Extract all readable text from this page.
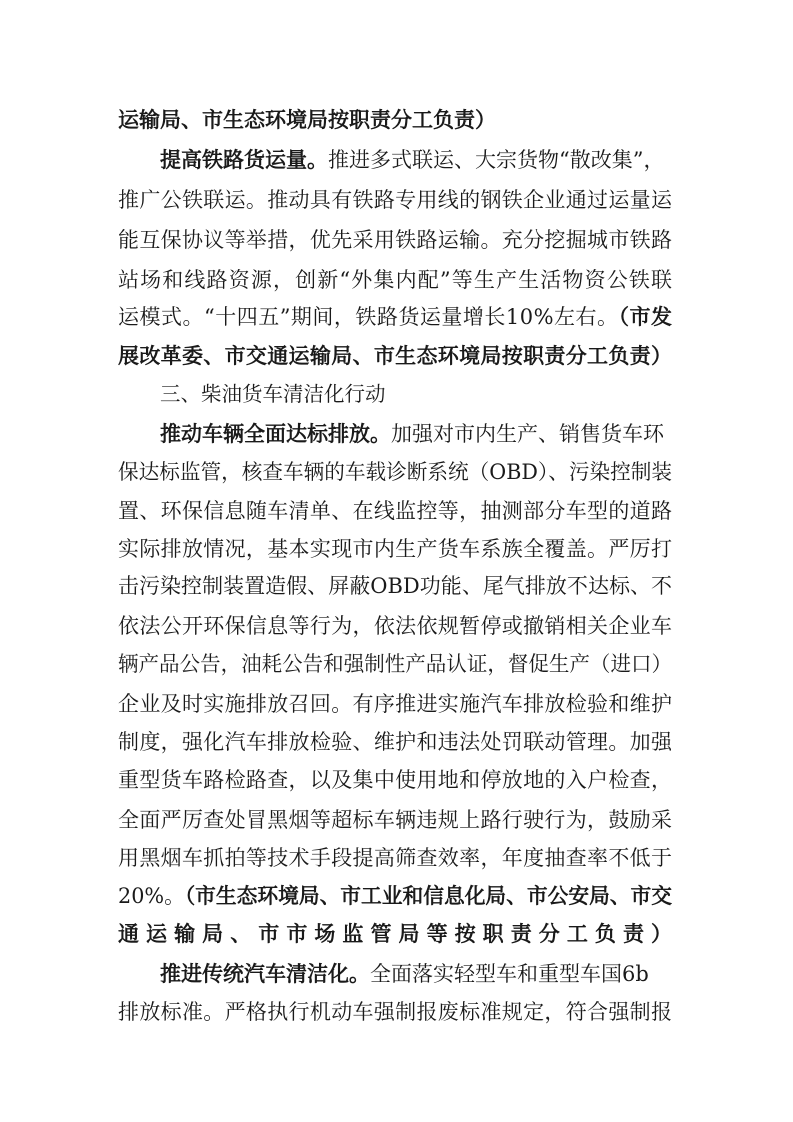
运输局、市生态环境局按职责分工负责）
提高铁路货运量。推进多式联运、大宗货物“散改集”，
推广公铁联运。推动具有铁路专用线的钢铁企业通过运量运
能互保协议等举措，优先采用铁路运输。充分挖掘城市铁路
站场和线路资源，创新“外集内配”等生产生活物资公铁联
运模式。“十四五”期间，铁路货运量增长10%左右。（市发
展改革委、市交通运输局、市生态环境局按职责分工负责）
三、柴油货车清洁化行动
推动车辆全面达标排放。加强对市内生产、销售货车环
保达标监管，核查车辆的车载诊断系统（OBD）、污染控制装
置、环保信息随车清单、在线监控等，抽测部分车型的道路
实际排放情况，基本实现市内生产货车系族全覆盖。严厉打
击污染控制装置造假、屏蔽OBD功能、尾气排放不达标、不
依法公开环保信息等行为，依法依规暂停或撤销相关企业车
辆产品公告，油耗公告和强制性产品认证，督促生产（进口）
企业及时实施排放召回。有序推进实施汽车排放检验和维护
制度，强化汽车排放检验、维护和违法处罚联动管理。加强
重型货车路检路查，以及集中使用地和停放地的入户检查，
全面严厉查处冒黑烟等超标车辆违规上路行驶行为，鼓励采
用黑烟车抓拍等技术手段提高筛查效率，年度抽查率不低于
20%。（市生态环境局、市工业和信息化局、市公安局、市交
通运输局、市市场监管局等按职责分工负责）
推进传统汽车清洁化。全面落实轻型车和重型车国6b
排放标准。严格执行机动车强制报废标准规定，符合强制报
